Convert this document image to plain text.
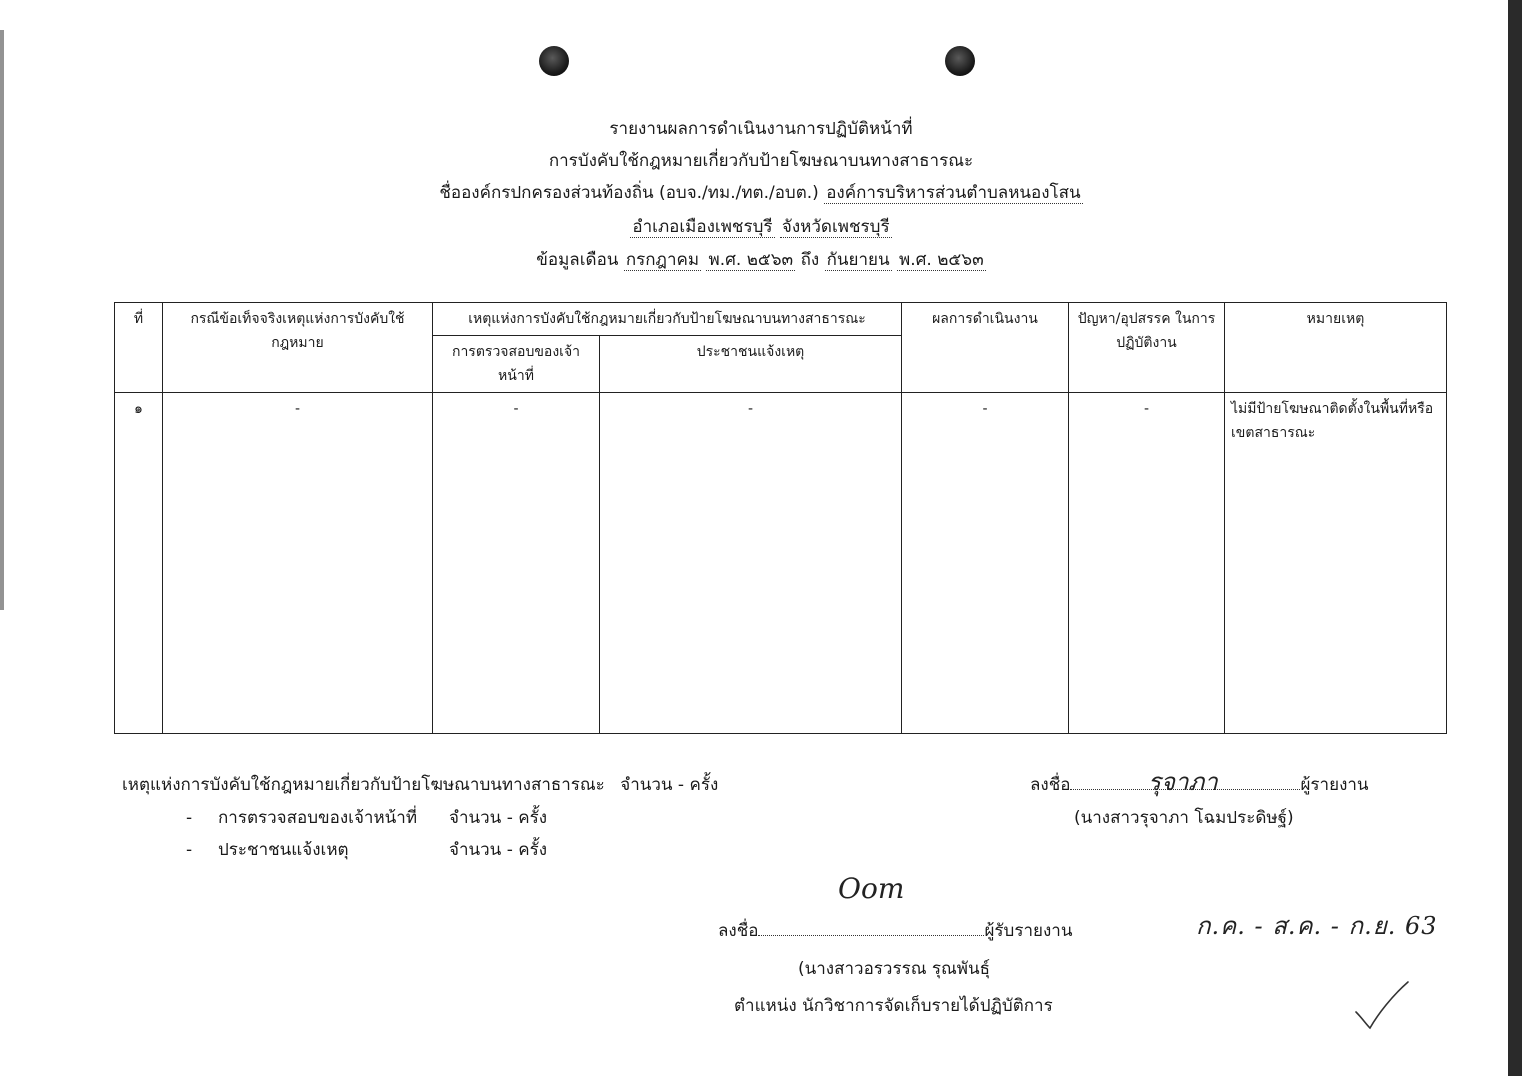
รายงานผลการดำเนินงานการปฏิบัติหน้าที่
การบังคับใช้กฎหมายเกี่ยวกับป้ายโฆษณาบนทางสาธารณะ
ชื่อองค์กรปกครองส่วนท้องถิ่น (อบจ./ทม./ทต./อบต.) องค์การบริหารส่วนตำบลหนองโสน
อำเภอเมืองเพชรบุรี จังหวัดเพชรบุรี
ข้อมูลเดือน กรกฎาคม พ.ศ. ๒๕๖๓ ถึง กันยายน พ.ศ. ๒๕๖๓
ที่	กรณีข้อเท็จจริงเหตุแห่งการบังคับใช้กฎหมาย	เหตุแห่งการบังคับใช้กฎหมายเกี่ยวกับป้ายโฆษณาบนทางสาธารณะ		ผลการดำเนินงาน	ปัญหา/อุปสรรค ในการปฏิบัติงาน	หมายเหตุ
		การตรวจสอบของเจ้าหน้าที่	ประชาชนแจ้งเหตุ			
๑	-	-	-	-	-	ไม่มีป้ายโฆษณาติดตั้งในพื้นที่หรือเขตสาธารณะ
เหตุแห่งการบังคับใช้กฎหมายเกี่ยวกับป้ายโฆษณาบนทางสาธารณะ จำนวน - ครั้ง
- การตรวจสอบของเจ้าหน้าที่ จำนวน - ครั้ง
- ประชาชนแจ้งเหตุ	จำนวน - ครั้ง
ลงชื่อ	ผู้รายงาน
รุจาภา
(นางสาวรุจาภา โฉมประดิษฐ์)
Oom
ลงชื่อ	ผู้รับรายงาน
(นางสาวอรวรรณ รุณพันธุ์
ตำแหน่ง นักวิชาการจัดเก็บรายได้ปฏิบัติการ
ก.ค. - ส.ค. - ก.ย. 63
